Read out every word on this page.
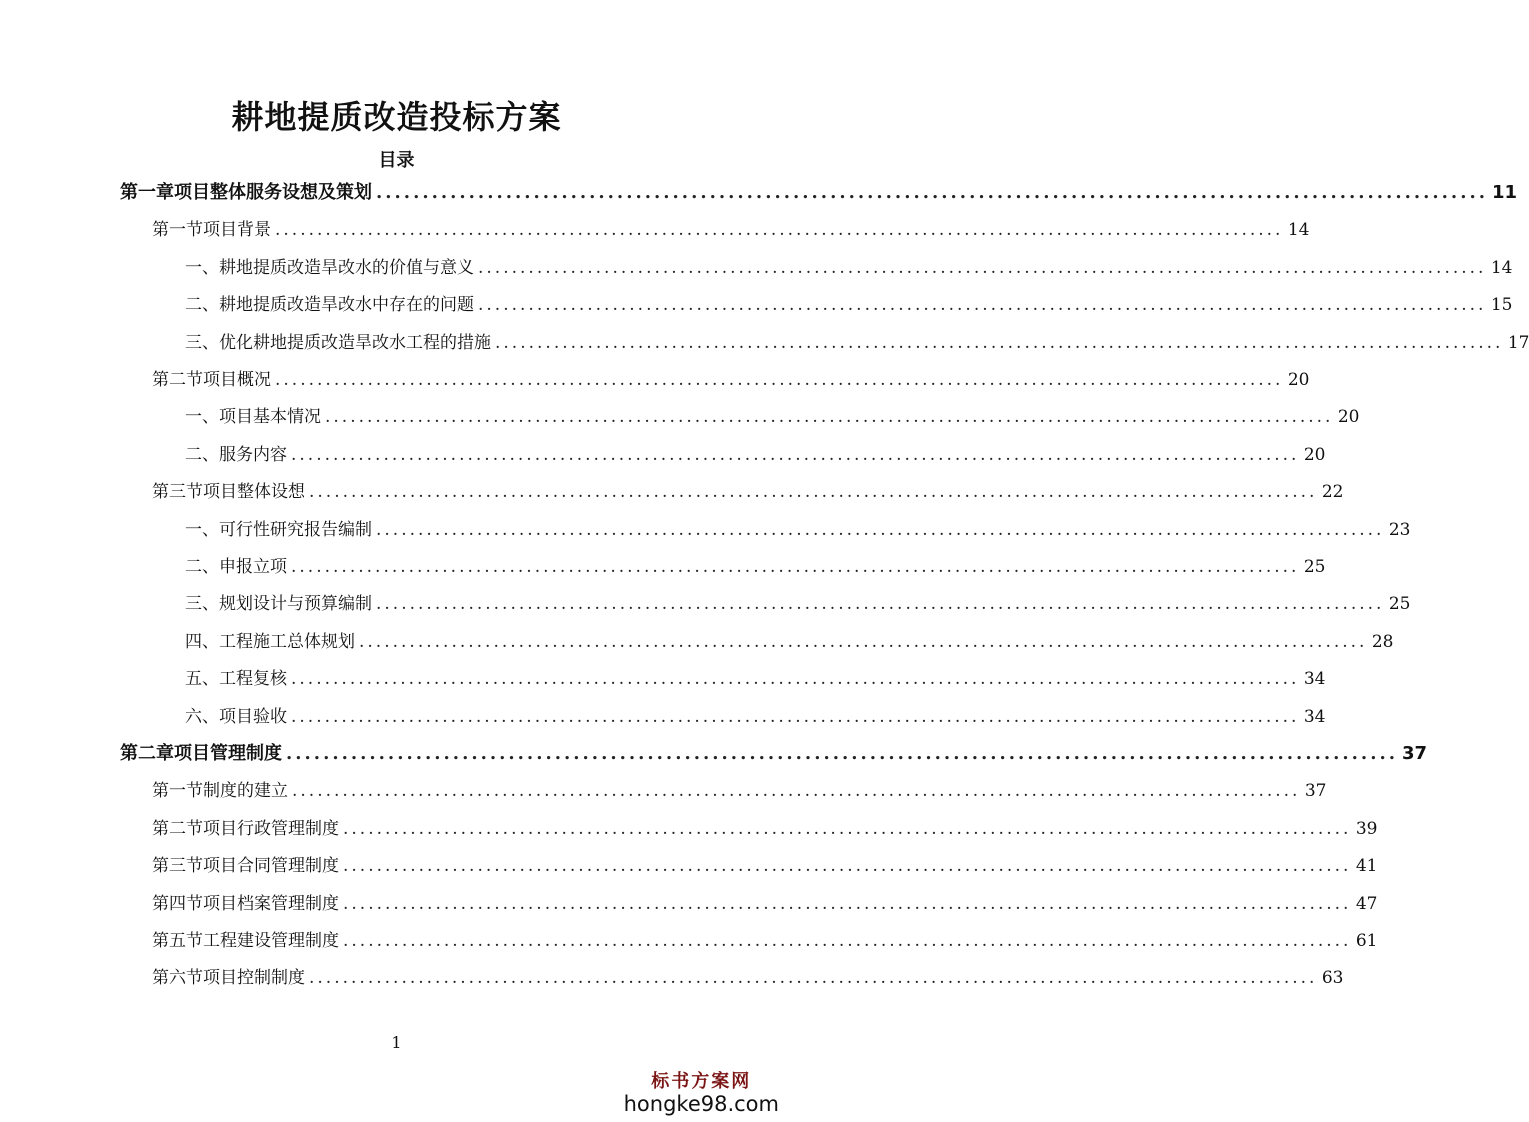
耕地提质改造投标方案
目录
第一章 项目整体服务设想及策划 ........................................................................................................................ 11
第一节 项目背景 ........................................................................................................................ 14
一、 耕地提质改造旱改水的价值与意义 ........................................................................................................................ 14
二、 耕地提质改造旱改水中存在的问题 ........................................................................................................................ 15
三、 优化耕地提质改造旱改水工程的措施 ........................................................................................................................ 17
第二节 项目概况 ........................................................................................................................ 20
一、 项目基本情况 ........................................................................................................................ 20
二、 服务内容 ........................................................................................................................ 20
第三节 项目整体设想 ........................................................................................................................ 22
一、 可行性研究报告编制 ........................................................................................................................ 23
二、 申报立项 ........................................................................................................................ 25
三、 规划设计与预算编制 ........................................................................................................................ 25
四、 工程施工总体规划 ........................................................................................................................ 28
五、 工程复核 ........................................................................................................................ 34
六、 项目验收 ........................................................................................................................ 34
第二章 项目管理制度 ........................................................................................................................ 37
第一节 制度的建立 ........................................................................................................................ 37
第二节 项目行政管理制度 ........................................................................................................................ 39
第三节 项目合同管理制度 ........................................................................................................................ 41
第四节 项目档案管理制度 ........................................................................................................................ 47
第五节 工程建设管理制度 ........................................................................................................................ 61
第六节 项目控制制度 ........................................................................................................................ 63
1
标书方案网
hongke98.com
